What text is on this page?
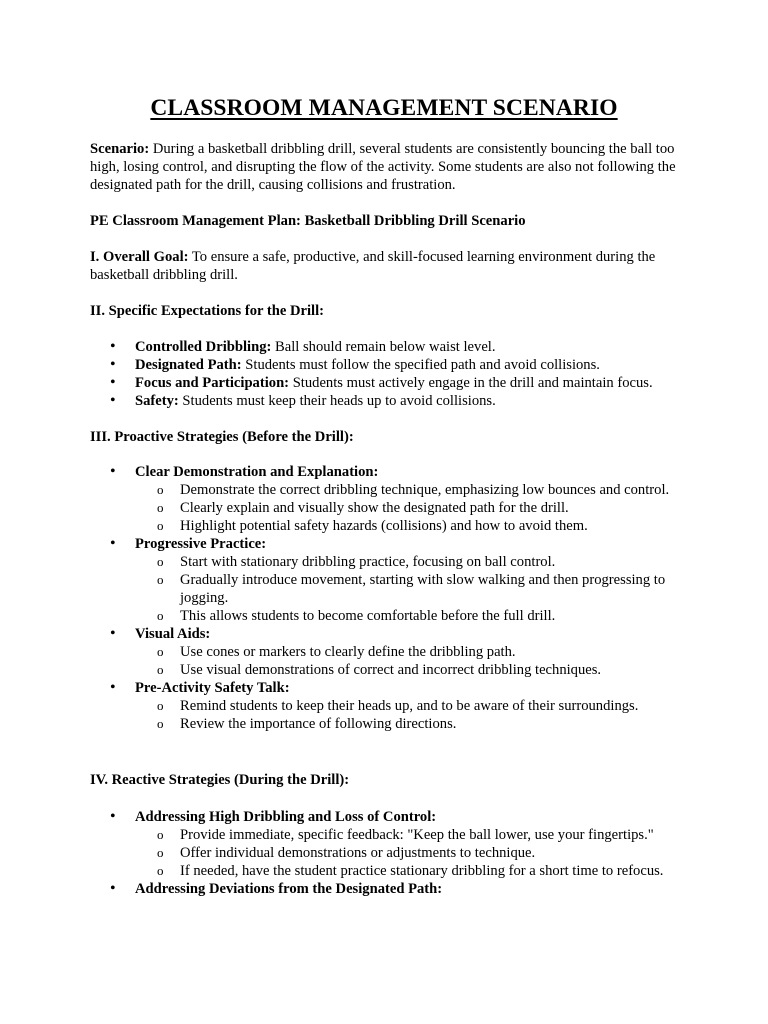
CLASSROOM MANAGEMENT SCENARIO

Scenario: During a basketball dribbling drill, several students are consistently bouncing the ball too high, losing control, and disrupting the flow of the activity. Some students are also not following the designated path for the drill, causing collisions and frustration.

PE Classroom Management Plan: Basketball Dribbling Drill Scenario

I. Overall Goal: To ensure a safe, productive, and skill-focused learning environment during the basketball dribbling drill.

II. Specific Expectations for the Drill:

• Controlled Dribbling: Ball should remain below waist level.
• Designated Path: Students must follow the specified path and avoid collisions.
• Focus and Participation: Students must actively engage in the drill and maintain focus.
• Safety: Students must keep their heads up to avoid collisions.

III. Proactive Strategies (Before the Drill):

• Clear Demonstration and Explanation:
o Demonstrate the correct dribbling technique, emphasizing low bounces and control.
o Clearly explain and visually show the designated path for the drill.
o Highlight potential safety hazards (collisions) and how to avoid them.
• Progressive Practice:
o Start with stationary dribbling practice, focusing on ball control.
o Gradually introduce movement, starting with slow walking and then progressing to jogging.
o This allows students to become comfortable before the full drill.
• Visual Aids:
o Use cones or markers to clearly define the dribbling path.
o Use visual demonstrations of correct and incorrect dribbling techniques.
• Pre-Activity Safety Talk:
o Remind students to keep their heads up, and to be aware of their surroundings.
o Review the importance of following directions.

IV. Reactive Strategies (During the Drill):

• Addressing High Dribbling and Loss of Control:
o Provide immediate, specific feedback: "Keep the ball lower, use your fingertips."
o Offer individual demonstrations or adjustments to technique.
o If needed, have the student practice stationary dribbling for a short time to refocus.
• Addressing Deviations from the Designated Path:
